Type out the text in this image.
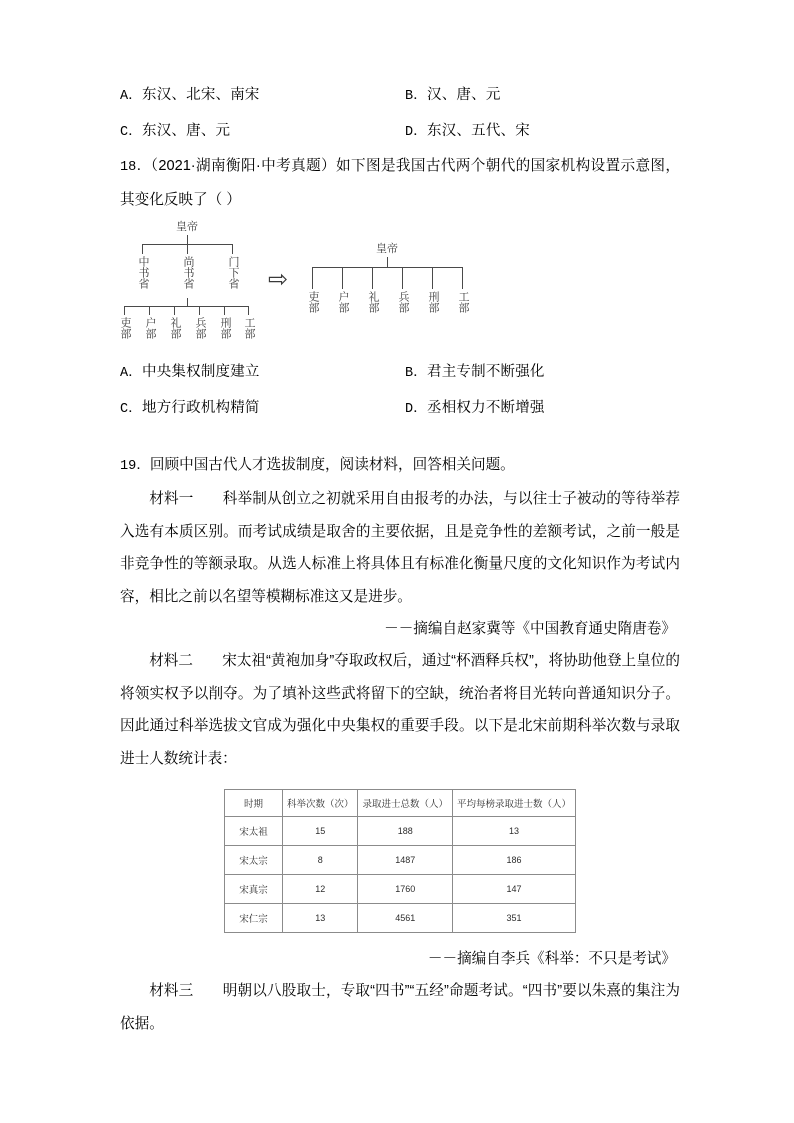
A．东汉、北宋、南宋	B．汉、唐、元
C．东汉、唐、元	D．东汉、五代、宋
18．（2021·湖南衡阳·中考真题）如下图是我国古代两个朝代的国家机构设置示意图，其变化反映了（ ）
皇帝
中书省	尚书省	门下省
吏部 户部 礼部 兵部 刑部 工部
⇨
皇帝
吏部 户部 礼部 兵部 刑部 工部
A．中央集权制度建立	B．君主专制不断强化
C．地方行政机构精简	D．丞相权力不断增强
19．回顾中国古代人才选拔制度，阅读材料，回答相关问题。
材料一 科举制从创立之初就采用自由报考的办法，与以往士子被动的等待举荐入选有本质区别。而考试成绩是取舍的主要依据，且是竞争性的差额考试，之前一般是非竞争性的等额录取。从选人标准上将具体且有标准化衡量尺度的文化知识作为考试内容，相比之前以名望等模糊标准这又是进步。
－－摘编自赵家冀等《中国教育通史隋唐卷》
材料二 宋太祖“黄袍加身”夺取政权后，通过“杯酒释兵权”，将协助他登上皇位的将领实权予以削夺。为了填补这些武将留下的空缺，统治者将目光转向普通知识分子。因此通过科举选拔文官成为强化中央集权的重要手段。以下是北宋前期科举次数与录取进士人数统计表：
时期	科举次数（次）	录取进士总数（人）	平均每榜录取进士数（人）
宋太祖	15	188	13
宋太宗	8	1487	186
宋真宗	12	1760	147
宋仁宗	13	4561	351
－－摘编自李兵《科举：不只是考试》
材料三 明朝以八股取士，专取“四书”“五经”命题考试。“四书”要以朱熹的集注为依据。
